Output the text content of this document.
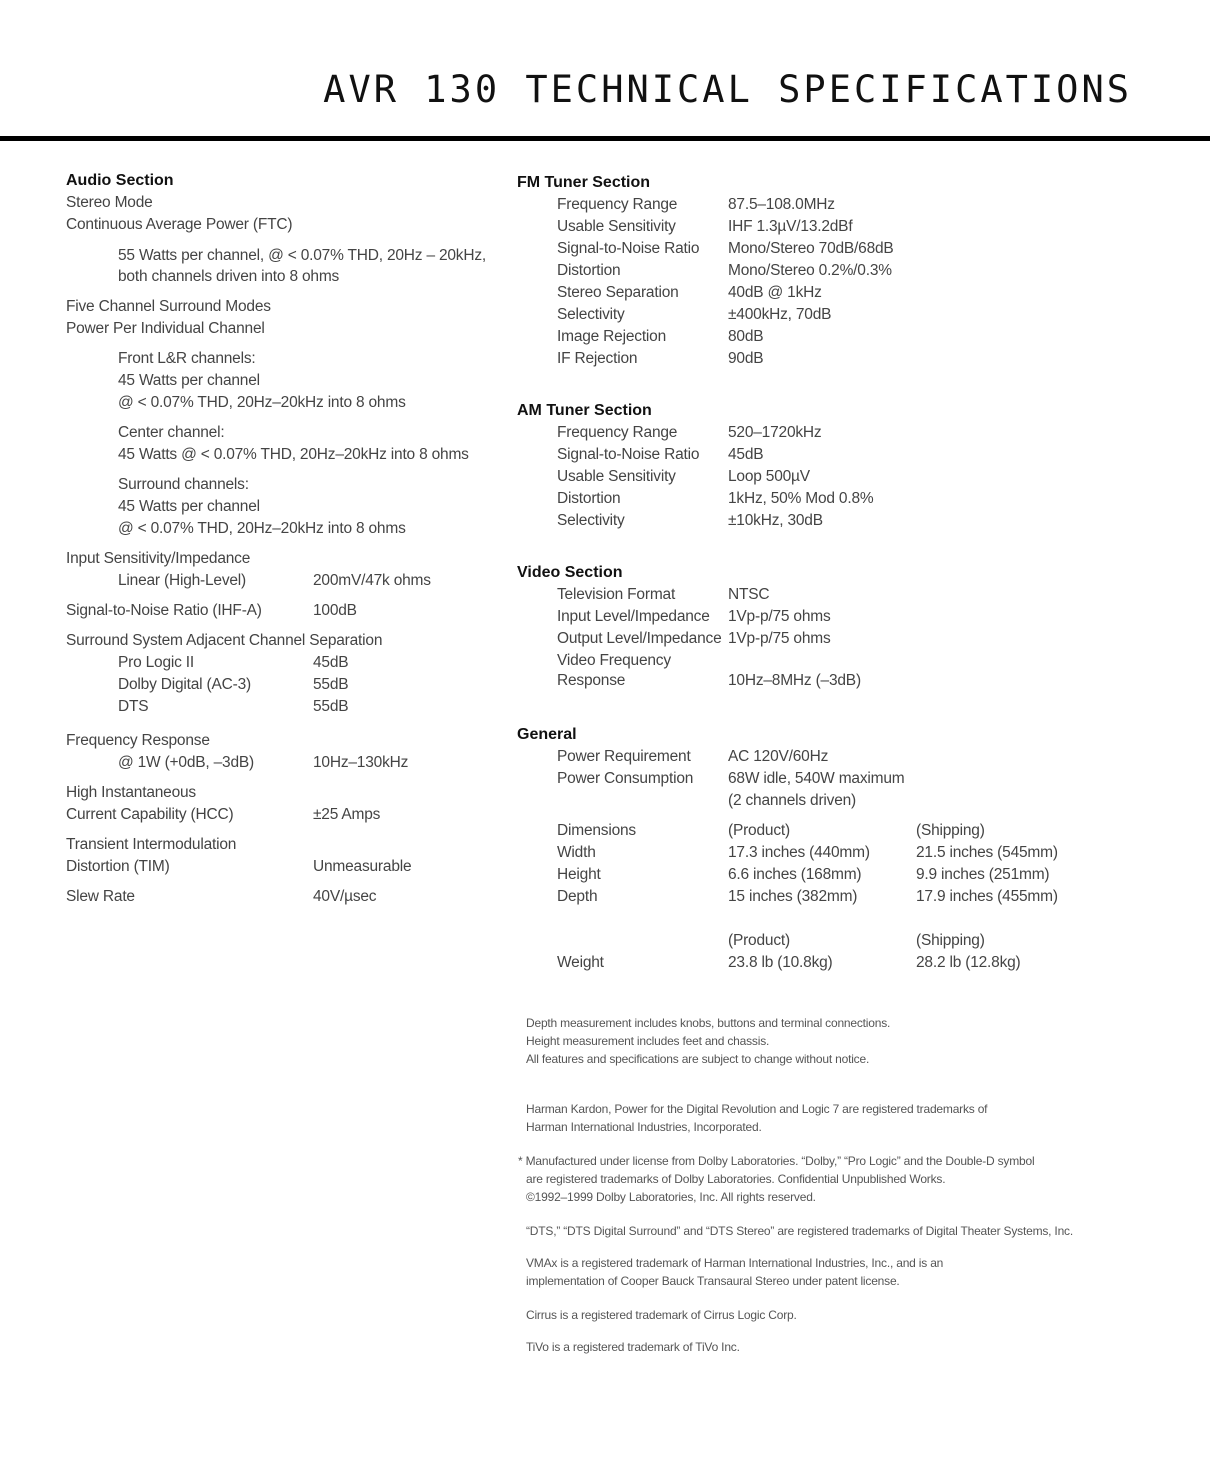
AVR 130 TECHNICAL SPECIFICATIONS
Audio Section
Stereo Mode
Continuous Average Power (FTC)
55 Watts per channel, @ < 0.07% THD, 20Hz – 20kHz,
both channels driven into 8 ohms
Five Channel Surround Modes
Power Per Individual Channel
Front L&R channels:
45 Watts per channel
@ < 0.07% THD, 20Hz–20kHz into 8 ohms
Center channel:
45 Watts @ < 0.07% THD, 20Hz–20kHz into 8 ohms
Surround channels:
45 Watts per channel
@ < 0.07% THD, 20Hz–20kHz into 8 ohms
Input Sensitivity/Impedance
Linear (High-Level)	200mV/47k ohms
Signal-to-Noise Ratio (IHF-A)	100dB
Surround System Adjacent Channel Separation
Pro Logic II	45dB
Dolby Digital (AC-3)	55dB
DTS	55dB
Frequency Response
@ 1W (+0dB, –3dB)	10Hz–130kHz
High Instantaneous
Current Capability (HCC)	±25 Amps
Transient Intermodulation
Distortion (TIM)	Unmeasurable
Slew Rate	40V/µsec
FM Tuner Section
Frequency Range	87.5–108.0MHz
Usable Sensitivity	IHF 1.3µV/13.2dBf
Signal-to-Noise Ratio Mono/Stereo 70dB/68dB
Distortion	Mono/Stereo 0.2%/0.3%
Stereo Separation	40dB @ 1kHz
Selectivity	±400kHz, 70dB
Image Rejection	80dB
IF Rejection	90dB
AM Tuner Section
Frequency Range	520–1720kHz
Signal-to-Noise Ratio 45dB
Usable Sensitivity	Loop 500µV
Distortion	1kHz, 50% Mod 0.8%
Selectivity	±10kHz, 30dB
Video Section
Television Format	NTSC
Input Level/Impedance 1Vp-p/75 ohms
Output Level/Impedance 1Vp-p/75 ohms
Video Frequency
Response	10Hz–8MHz (–3dB)
General
Power Requirement AC 120V/60Hz
Power Consumption 68W idle, 540W maximum
(2 channels driven)
Dimensions	(Product)	(Shipping)
Width	17.3 inches (440mm)	21.5 inches (545mm)
Height	6.6 inches (168mm)	9.9 inches (251mm)
Depth	15 inches (382mm)	17.9 inches (455mm)
(Product)	(Shipping)
Weight	23.8 lb (10.8kg)	28.2 lb (12.8kg)
Depth measurement includes knobs, buttons and terminal connections.
Height measurement includes feet and chassis.
All features and specifications are subject to change without notice.
Harman Kardon, Power for the Digital Revolution and Logic 7 are registered trademarks of
Harman International Industries, Incorporated.
* Manufactured under license from Dolby Laboratories. “Dolby,” “Pro Logic” and the Double-D symbol
are registered trademarks of Dolby Laboratories. Confidential Unpublished Works.
©1992–1999 Dolby Laboratories, Inc. All rights reserved.
“DTS,” “DTS Digital Surround” and “DTS Stereo” are registered trademarks of Digital Theater Systems, Inc.
VMAx is a registered trademark of Harman International Industries, Inc., and is an
implementation of Cooper Bauck Transaural Stereo under patent license.
Cirrus is a registered trademark of Cirrus Logic Corp.
TiVo is a registered trademark of TiVo Inc.
